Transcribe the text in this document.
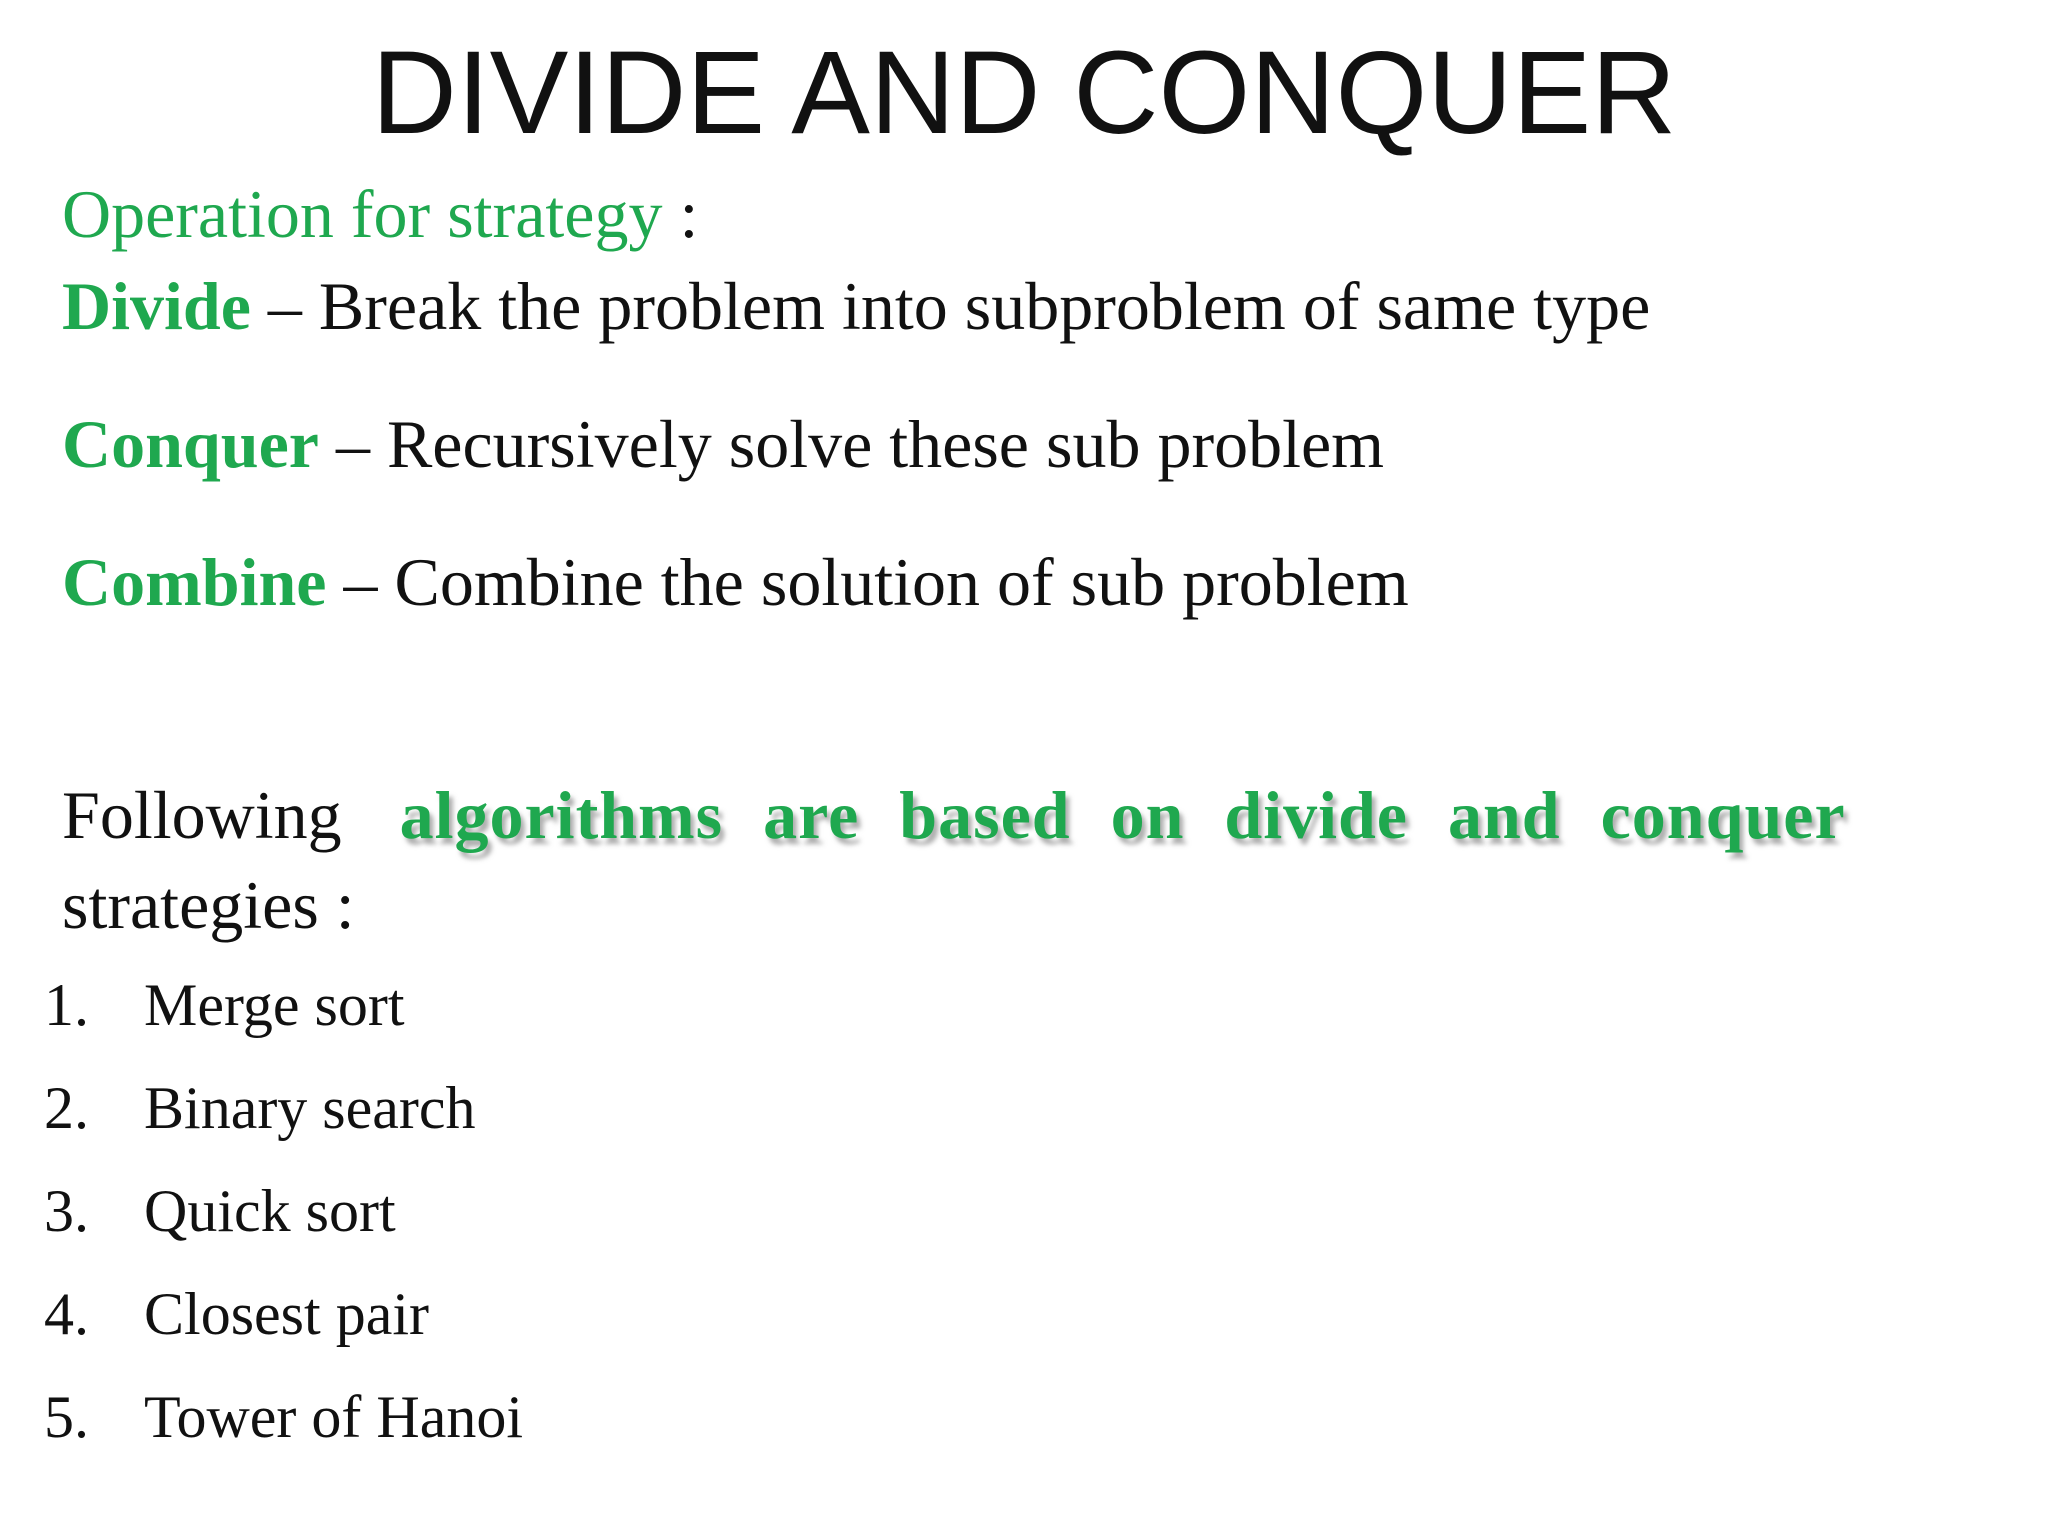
DIVIDE AND CONQUER
Operation for strategy :
Divide – Break the problem into subproblem of same type
Conquer – Recursively solve these sub problem
Combine – Combine the solution of sub problem
Following algorithms are based on divide and conquer
strategies :
1. Merge sort
2. Binary search
3. Quick sort
4. Closest pair
5. Tower of Hanoi
